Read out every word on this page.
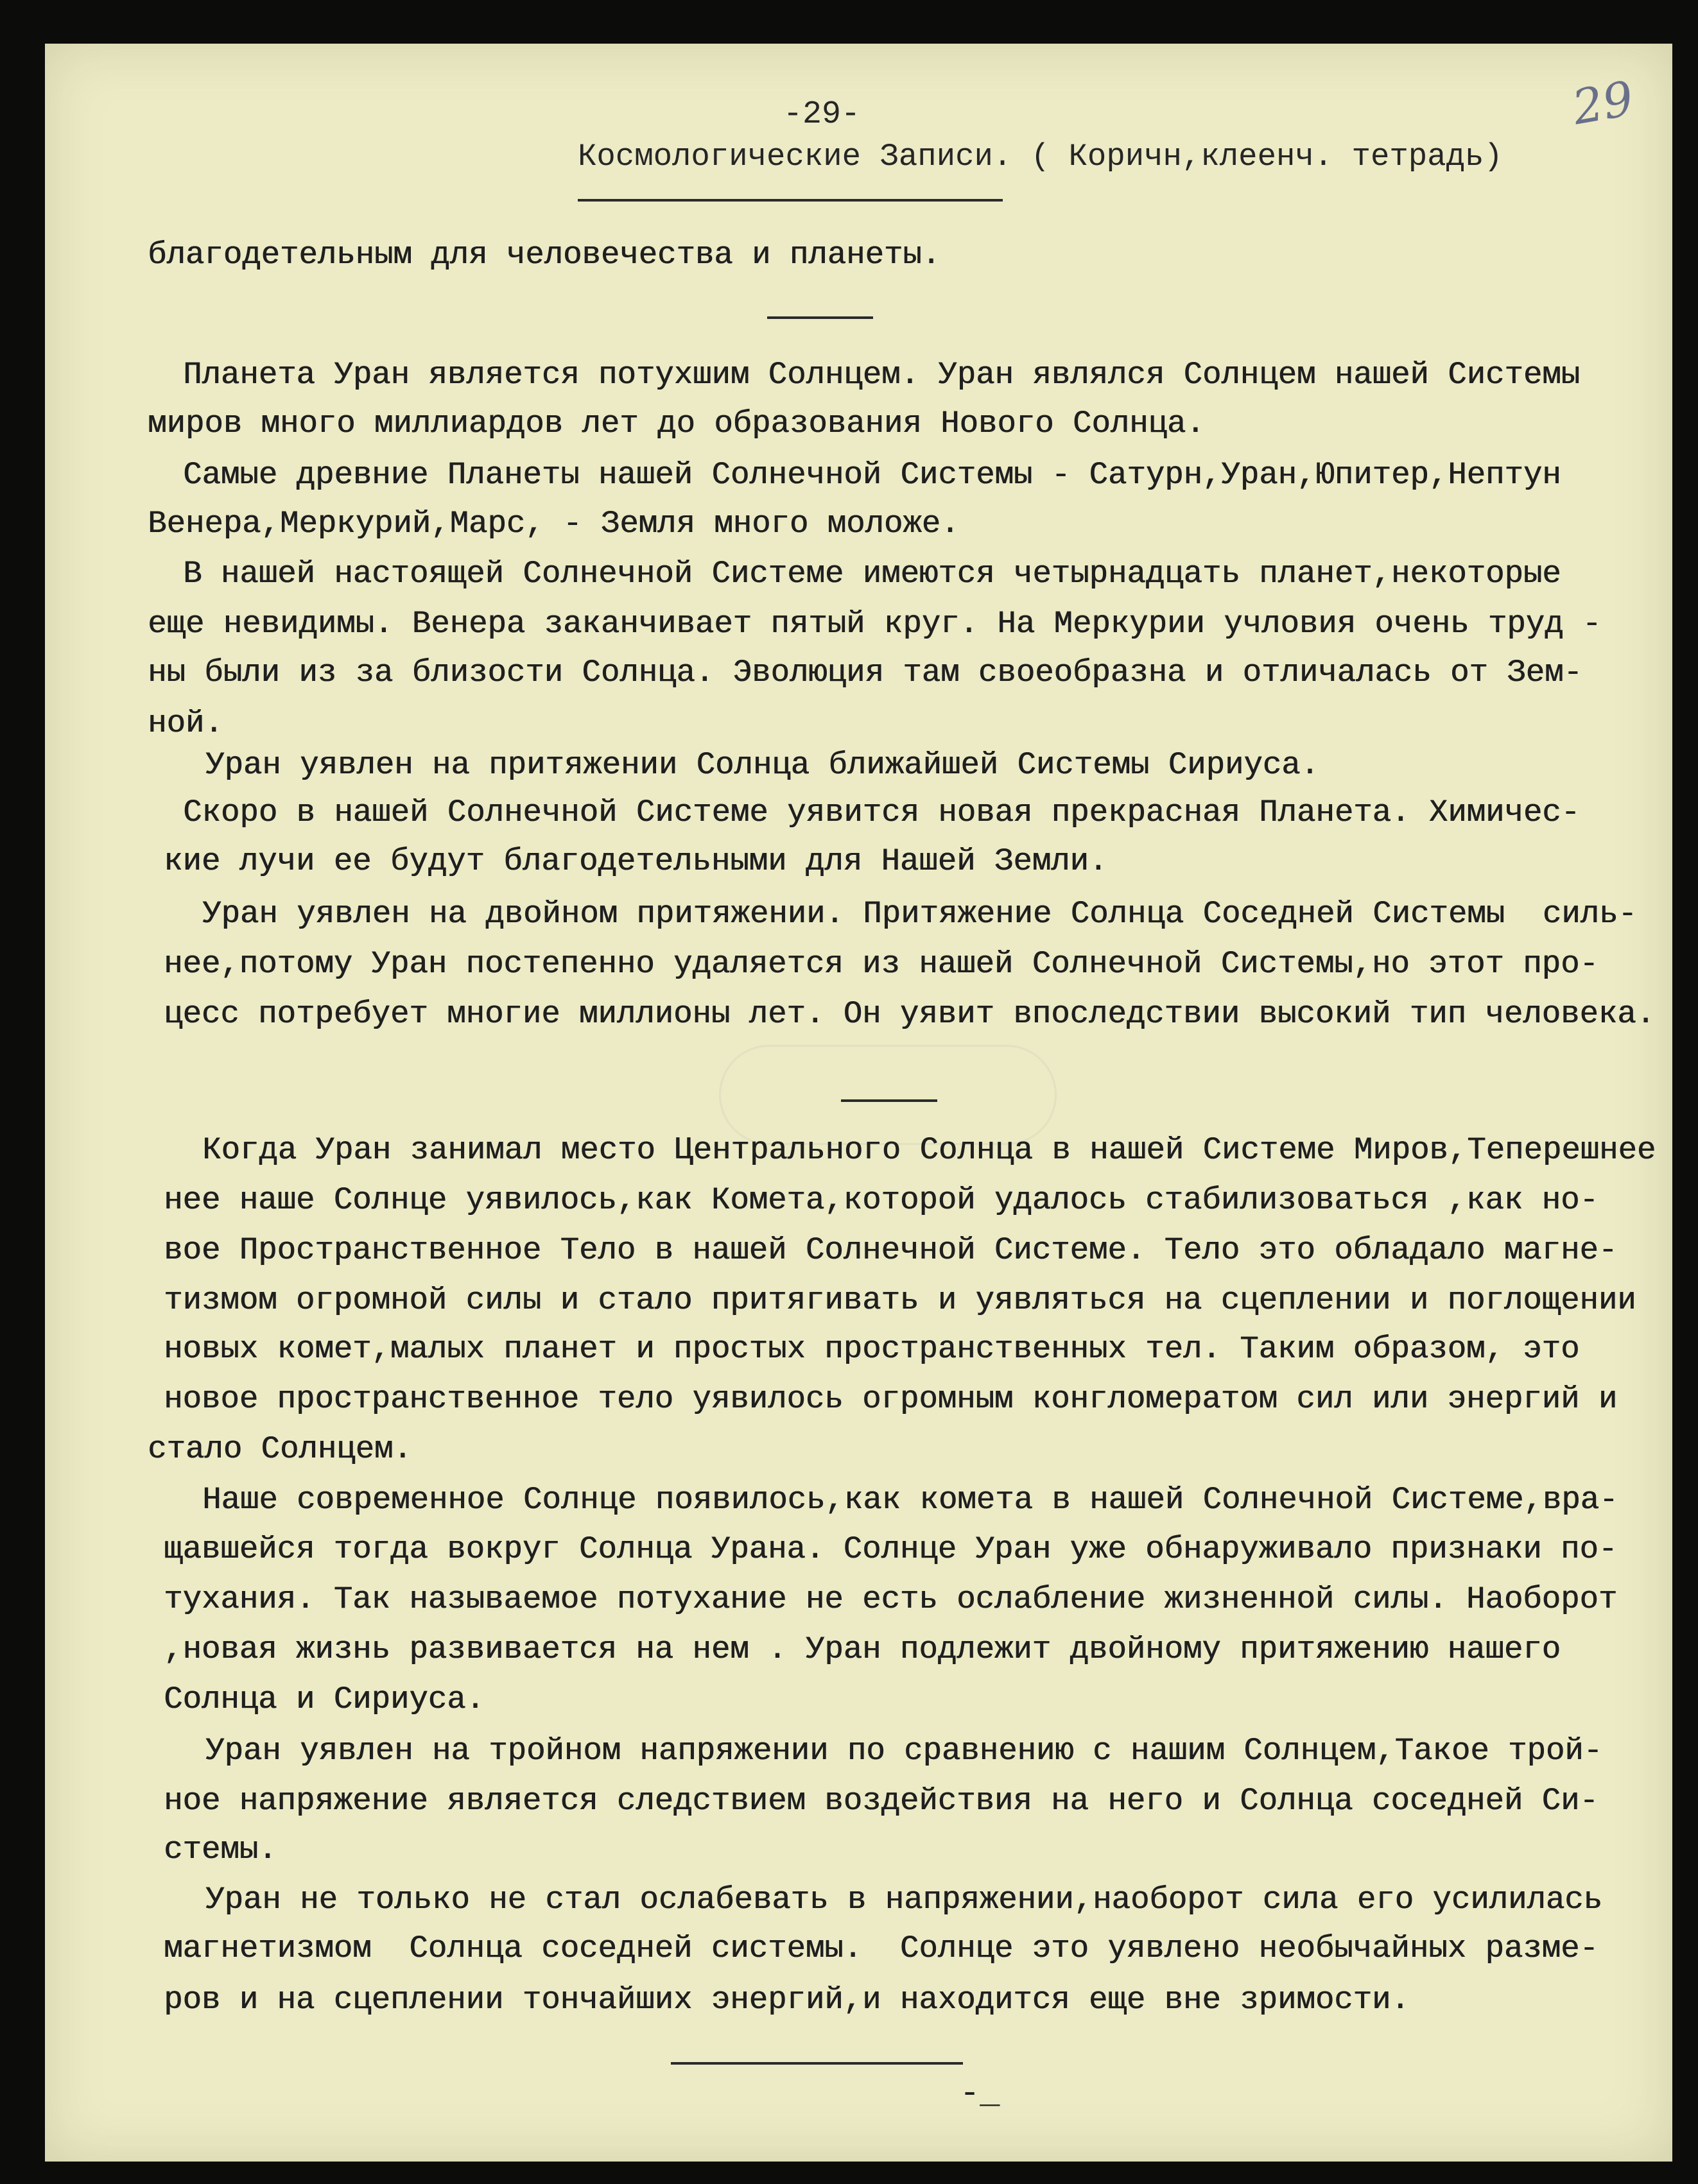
29
-29-
Космологические Записи. ( Коричн,клеенч. тетрадь)
благодетельным для человечества и планеты.
Планета Уран является потухшим Солнцем. Уран являлся Солнцем нашей Системы
миров много миллиардов лет до образования Нового Солнца.
Самые древние Планеты нашей Солнечной Системы - Сатурн,Уран,Юпитер,Нептун
Венера,Меркурий,Марс, - Земля много моложе.
В нашей настоящей Солнечной Системе имеются четырнадцать планет,некоторые
еще невидимы. Венера заканчивает пятый круг. На Меркурии учловия очень труд -
ны были из за близости Солнца. Эволюция там своеобразна и отличалась от Зем-
ной.
Уран уявлен на притяжении Солнца ближайшей Системы Сириуса.
Скоро в нашей Солнечной Системе уявится новая прекрасная Планета. Химичес-
кие лучи ее будут благодетельными для Нашей Земли.
Уран уявлен на двойном притяжении. Притяжение Солнца Соседней Системы  силь-
нее,потому Уран постепенно удаляется из нашей Солнечной Системы,но этот про-
цесс потребует многие миллионы лет. Он уявит впоследствии высокий тип человека.
Когда Уран занимал место Центрального Солнца в нашей Системе Миров,Теперешнее
нее наше Солнце уявилось,как Комета,которой удалось стабилизоваться ,как но-
вое Пространственное Тело в нашей Солнечной Системе. Тело это обладало магне-
тизмом огромной силы и стало притягивать и уявляться на сцеплении и поглощении
новых комет,малых планет и простых пространственных тел. Таким образом, это
новое пространственное тело уявилось огромным конгломератом сил или энергий и
стало Солнцем.
Наше современное Солнце появилось,как комета в нашей Солнечной Системе,вра-
щавшейся тогда вокруг Солнца Урана. Солнце Уран уже обнаруживало признаки по-
тухания. Так называемое потухание не есть ослабление жизненной силы. Наоборот
,новая жизнь развивается на нем . Уран подлежит двойному притяжению нашего
Солнца и Сириуса.
Уран уявлен на тройном напряжении по сравнению с нашим Солнцем,Такое трой-
ное напряжение является следствием воздействия на него и Солнца соседней Си-
стемы.
Уран не только не стал ослабевать в напряжении,наоборот сила его усилилась
магнетизмом  Солнца соседней системы.  Солнце это уявлено необычайных разме-
ров и на сцеплении тончайших энергий,и находится еще вне зримости.
-_
